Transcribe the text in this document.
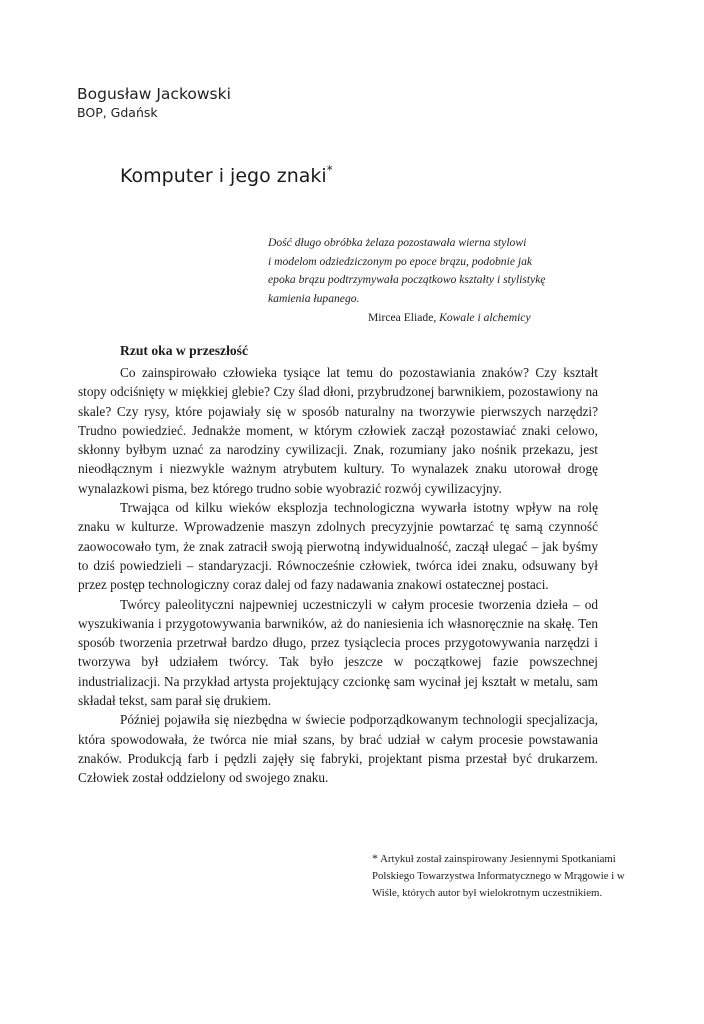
Bogusław Jackowski
BOP, Gdańsk
Komputer i jego znaki*

Dość długo obróbka żelaza pozostawała wierna stylowi
i modelom odziedziczonym po epoce brązu, podobnie jak
epoka brązu podtrzymywała początkowo kształty i stylistykę
kamienia łupanego.

Mircea Eliade, Kowale i alchemicy

Rzut oka w przeszłość

Co zainspirowało człowieka tysiące lat temu do pozostawiania znaków? Czy kształt stopy odciśnięty w miękkiej glebie? Czy ślad dłoni, przybrudzonej barwnikiem, pozostawiony na skale? Czy rysy, które pojawiały się w sposób naturalny na tworzywie pierwszych narzędzi? Trudno powiedzieć. Jednakże moment, w którym człowiek zaczął pozostawiać znaki celowo, skłonny byłbym uznać za narodziny cywilizacji. Znak, rozumiany jako nośnik przekazu, jest nieodłącznym i niezwykle ważnym atrybutem kultury. To wynalazek znaku utorował drogę wynalazkowi pisma, bez którego trudno sobie wyobrazić rozwój cywilizacyjny.

Trwająca od kilku wieków eksplozja technologiczna wywarła istotny wpływ na rolę znaku w kulturze. Wprowadzenie maszyn zdolnych precyzyjnie powtarzać tę samą czynność zaowocowało tym, że znak zatracił swoją pierwotną indywidualność, zaczął ulegać – jak byśmy to dziś powiedzieli – standaryzacji. Równocześnie człowiek, twórca idei znaku, odsuwany był przez postęp technologiczny coraz dalej od fazy nadawania znakowi ostatecznej postaci.

Twórcy paleolityczni najpewniej uczestniczyli w całym procesie tworzenia dzieła – od wyszukiwania i przygotowywania barwników, aż do naniesienia ich własnoręcznie na skałę. Ten sposób tworzenia przetrwał bardzo długo, przez tysiąclecia proces przygotowywania narzędzi i tworzywa był udziałem twórcy. Tak było jeszcze w początkowej fazie powszechnej industrializacji. Na przykład artysta projektujący czcionkę sam wycinał jej kształt w metalu, sam składał tekst, sam parał się drukiem.

Później pojawiła się niezbędna w świecie podporządkowanym technologii specjalizacja, która spowodowała, że twórca nie miał szans, by brać udział w całym procesie powstawania znaków. Produkcją farb i pędzli zajęły się fabryki, projektant pisma przestał być drukarzem. Człowiek został oddzielony od swojego znaku.

* Artykuł został zainspirowany Jesiennymi Spotkaniami Polskiego Towarzystwa Informatycznego w Mrągowie i w Wiśle, których autor był wielokrotnym uczestnikiem.
